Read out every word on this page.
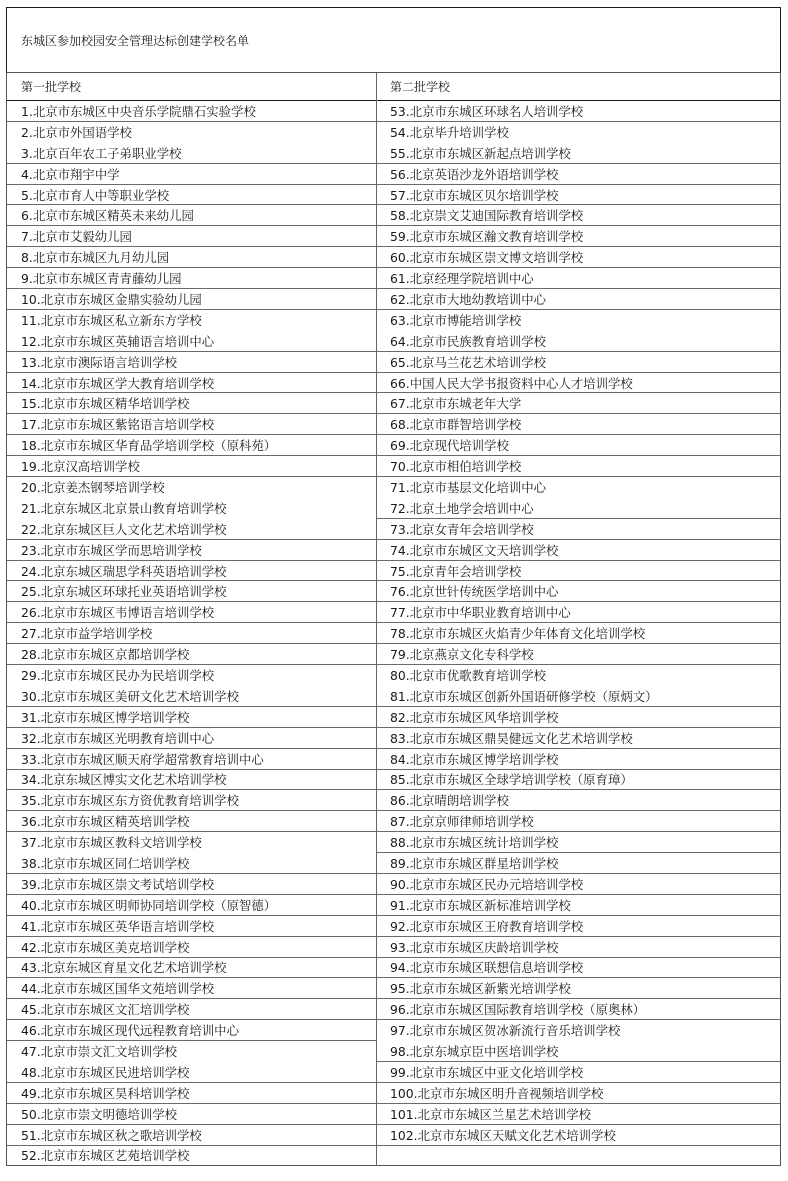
东城区参加校园安全管理达标创建学校名单
第一批学校
1.北京市东城区中央音乐学院鼎石实验学校
2.北京市外国语学校
3.北京百年农工子弟职业学校
4.北京市翔宇中学
5.北京市育人中等职业学校
6.北京市东城区精英未来幼儿园
7.北京市艾毅幼儿园
8.北京市东城区九月幼儿园
9.北京市东城区青青藤幼儿园
10.北京市东城区金鼎实验幼儿园
11.北京市东城区私立新东方学校
12.北京市东城区英辅语言培训中心
13.北京市澳际语言培训学校
14.北京市东城区学大教育培训学校
15.北京市东城区精华培训学校
17.北京市东城区紫铭语言培训学校
18.北京市东城区华育品学培训学校（原科苑）
19.北京汉高培训学校
20.北京姜杰钢琴培训学校
21.北京东城区北京景山教育培训学校
22.北京东城区巨人文化艺术培训学校
23.北京市东城区学而思培训学校
24.北京东城区瑞思学科英语培训学校
25.北京东城区环球托业英语培训学校
26.北京市东城区韦博语言培训学校
27.北京市益学培训学校
28.北京市东城区京都培训学校
29.北京市东城区民办为民培训学校
30.北京市东城区美研文化艺术培训学校
31.北京市东城区博学培训学校
32.北京市东城区光明教育培训中心
33.北京市东城区顺天府学超常教育培训中心
34.北京东城区博实文化艺术培训学校
35.北京市东城区东方资优教育培训学校
36.北京市东城区精英培训学校
37.北京市东城区教科文培训学校
38.北京市东城区同仁培训学校
39.北京市东城区崇文考试培训学校
40.北京市东城区明师协同培训学校（原智德）
41.北京市东城区英华语言培训学校
42.北京市东城区美克培训学校
43.北京东城区育星文化艺术培训学校
44.北京市东城区国华文苑培训学校
45.北京市东城区文汇培训学校
46.北京市东城区现代远程教育培训中心
47.北京市崇文汇文培训学校
48.北京市东城区民进培训学校
49.北京市东城区昊科培训学校
50.北京市崇文明德培训学校
51.北京市东城区秋之歌培训学校
52.北京市东城区艺苑培训学校
第二批学校
53.北京市东城区环球名人培训学校
54.北京毕升培训学校
55.北京市东城区新起点培训学校
56.北京英语沙龙外语培训学校
57.北京市东城区贝尔培训学校
58.北京崇文艾迪国际教育培训学校
59.北京市东城区瀚文教育培训学校
60.北京市东城区崇文博文培训学校
61.北京经理学院培训中心
62.北京市大地幼教培训中心
63.北京市博能培训学校
64.北京市民族教育培训学校
65.北京马兰花艺术培训学校
66.中国人民大学书报资料中心人才培训学校
67.北京市东城老年大学
68.北京市群智培训学校
69.北京现代培训学校
70.北京市相伯培训学校
71.北京市基层文化培训中心
72.北京土地学会培训中心
73.北京女青年会培训学校
74.北京市东城区文天培训学校
75.北京青年会培训学校
76.北京世针传统医学培训中心
77.北京市中华职业教育培训中心
78.北京市东城区火焰青少年体育文化培训学校
79.北京燕京文化专科学校
80.北京市优歌教育培训学校
81.北京市东城区创新外国语研修学校（原炳文）
82.北京市东城区风华培训学校
83.北京市东城区鼎昊健远文化艺术培训学校
84.北京市东城区博学培训学校
85.北京市东城区全球学培训学校（原育璋）
86.北京晴朗培训学校
87.北京京师律师培训学校
88.北京市东城区统计培训学校
89.北京市东城区群星培训学校
90.北京市东城区民办元培培训学校
91.北京市东城区新标准培训学校
92.北京市东城区王府教育培训学校
93.北京市东城区庆龄培训学校
94.北京市东城区联想信息培训学校
95.北京市东城区新紫光培训学校
96.北京市东城区国际教育培训学校（原奥林）
97.北京市东城区贺冰新流行音乐培训学校
98.北京东城京臣中医培训学校
99.北京市东城区中亚文化培训学校
100.北京市东城区明升音视频培训学校
101.北京市东城区兰星艺术培训学校
102.北京市东城区天赋文化艺术培训学校
